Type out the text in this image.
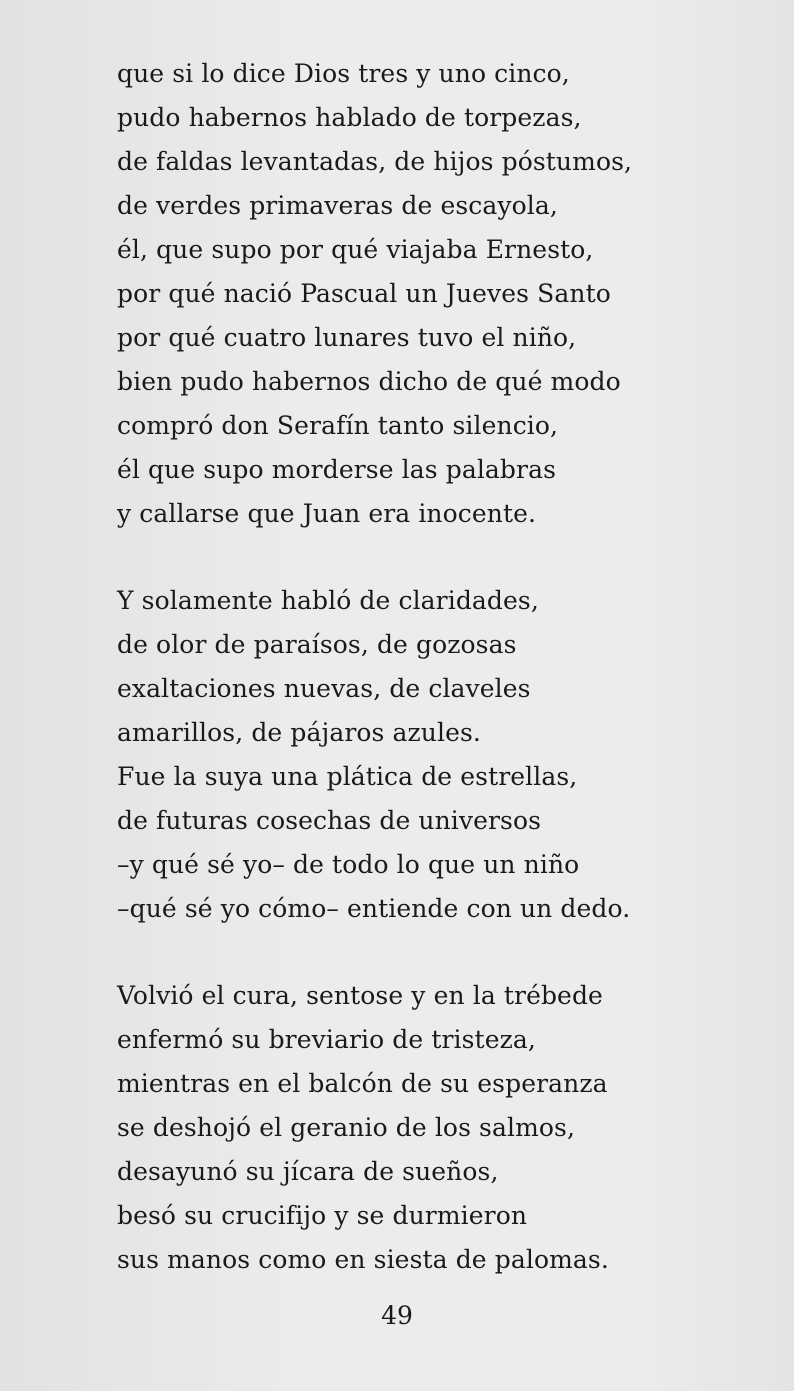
que si lo dice Dios tres y uno cinco,
pudo habernos hablado de torpezas,
de faldas levantadas, de hijos póstumos,
de verdes primaveras de escayola,
él, que supo por qué viajaba Ernesto,
por qué nació Pascual un Jueves Santo
por qué cuatro lunares tuvo el niño,
bien pudo habernos dicho de qué modo
compró don Serafín tanto silencio,
él que supo morderse las palabras
y callarse que Juan era inocente.
Y solamente habló de claridades,
de olor de paraísos, de gozosas
exaltaciones nuevas, de claveles
amarillos, de pájaros azules.
Fue la suya una plática de estrellas,
de futuras cosechas de universos
–y qué sé yo– de todo lo que un niño
–qué sé yo cómo– entiende con un dedo.
Volvió el cura, sentose y en la trébede
enfermó su breviario de tristeza,
mientras en el balcón de su esperanza
se deshojó el geranio de los salmos,
desayunó su jícara de sueños,
besó su crucifijo y se durmieron
sus manos como en siesta de palomas.
49
